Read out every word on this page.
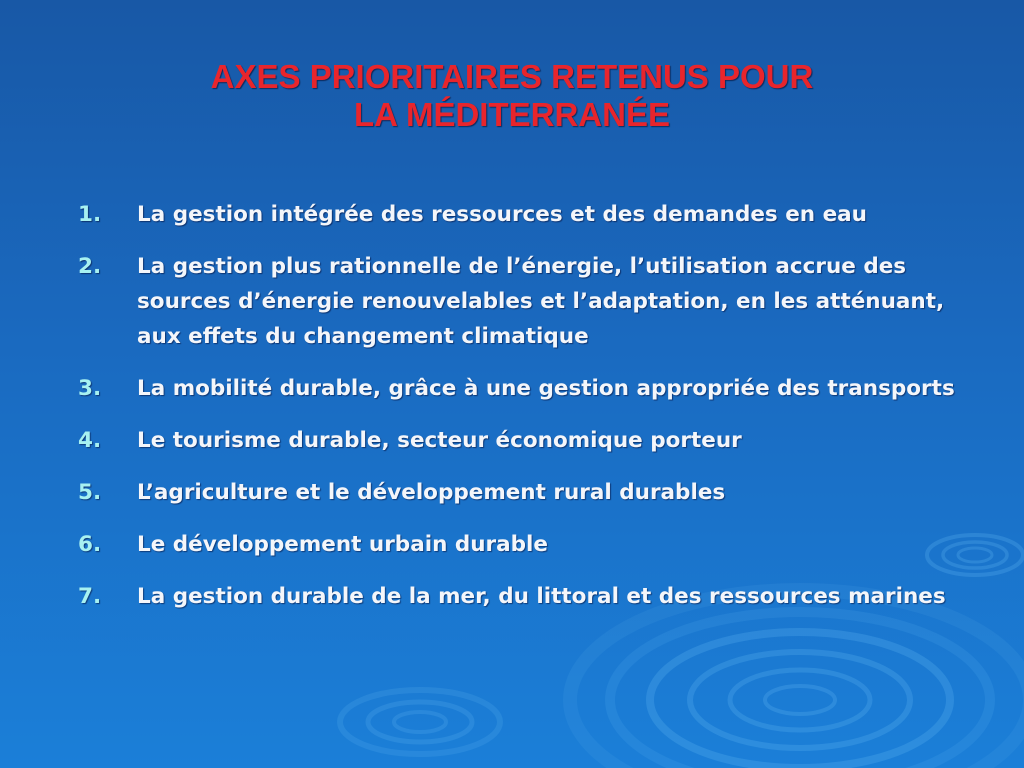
AXES PRIORITAIRES RETENUS POUR
LA MÉDITERRANÉE
1. La gestion intégrée des ressources et des demandes en eau
2. La gestion plus rationnelle de l’énergie, l’utilisation accrue des sources d’énergie renouvelables et l’adaptation, en les atténuant, aux effets du changement climatique
3. La mobilité durable, grâce à une gestion appropriée des transports
4. Le tourisme durable, secteur économique porteur
5. L’agriculture et le développement rural durables
6. Le développement urbain durable
7. La gestion durable de la mer, du littoral et des ressources marines
